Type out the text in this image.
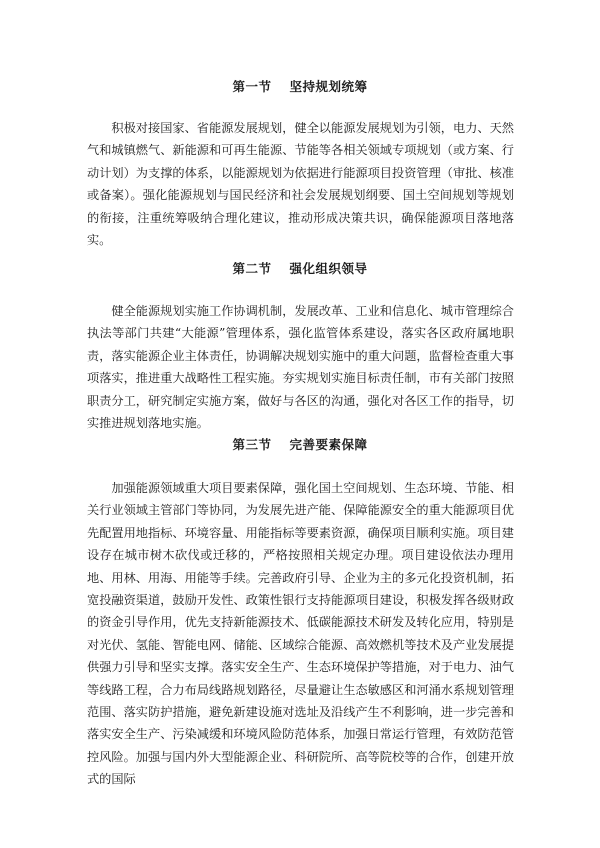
第一节 坚持规划统筹

积极对接国家、省能源发展规划，健全以能源发展规划为引领，电力、天然气和城镇燃气、新能源和可再生能源、节能等各相关领域专项规划（或方案、行动计划）为支撑的体系，以能源规划为依据进行能源项目投资管理（审批、核准或备案）。强化能源规划与国民经济和社会发展规划纲要、国土空间规划等规划的衔接，注重统筹吸纳合理化建议，推动形成决策共识，确保能源项目落地落实。

第二节 强化组织领导

健全能源规划实施工作协调机制，发展改革、工业和信息化、城市管理综合执法等部门共建“大能源”管理体系，强化监管体系建设，落实各区政府属地职责，落实能源企业主体责任，协调解决规划实施中的重大问题，监督检查重大事项落实，推进重大战略性工程实施。夯实规划实施目标责任制，市有关部门按照职责分工，研究制定实施方案，做好与各区的沟通，强化对各区工作的指导，切实推进规划落地实施。

第三节 完善要素保障

加强能源领域重大项目要素保障，强化国土空间规划、生态环境、节能、相关行业领域主管部门等协同，为发展先进产能、保障能源安全的重大能源项目优先配置用地指标、环境容量、用能指标等要素资源，确保项目顺利实施。项目建设存在城市树木砍伐或迁移的，严格按照相关规定办理。项目建设依法办理用地、用林、用海、用能等手续。完善政府引导、企业为主的多元化投资机制，拓宽投融资渠道，鼓励开发性、政策性银行支持能源项目建设，积极发挥各级财政的资金引导作用，优先支持新能源技术、低碳能源技术研发及转化应用，特别是对光伏、氢能、智能电网、储能、区域综合能源、高效燃机等技术及产业发展提供强力引导和坚实支撑。落实安全生产、生态环境保护等措施，对于电力、油气等线路工程，合力布局线路规划路径，尽量避让生态敏感区和河涌水系规划管理范围、落实防护措施，避免新建设施对选址及沿线产生不利影响，进一步完善和落实安全生产、污染减缓和环境风险防范体系，加强日常运行管理，有效防范管控风险。加强与国内外大型能源企业、科研院所、高等院校等的合作，创建开放式的国际
